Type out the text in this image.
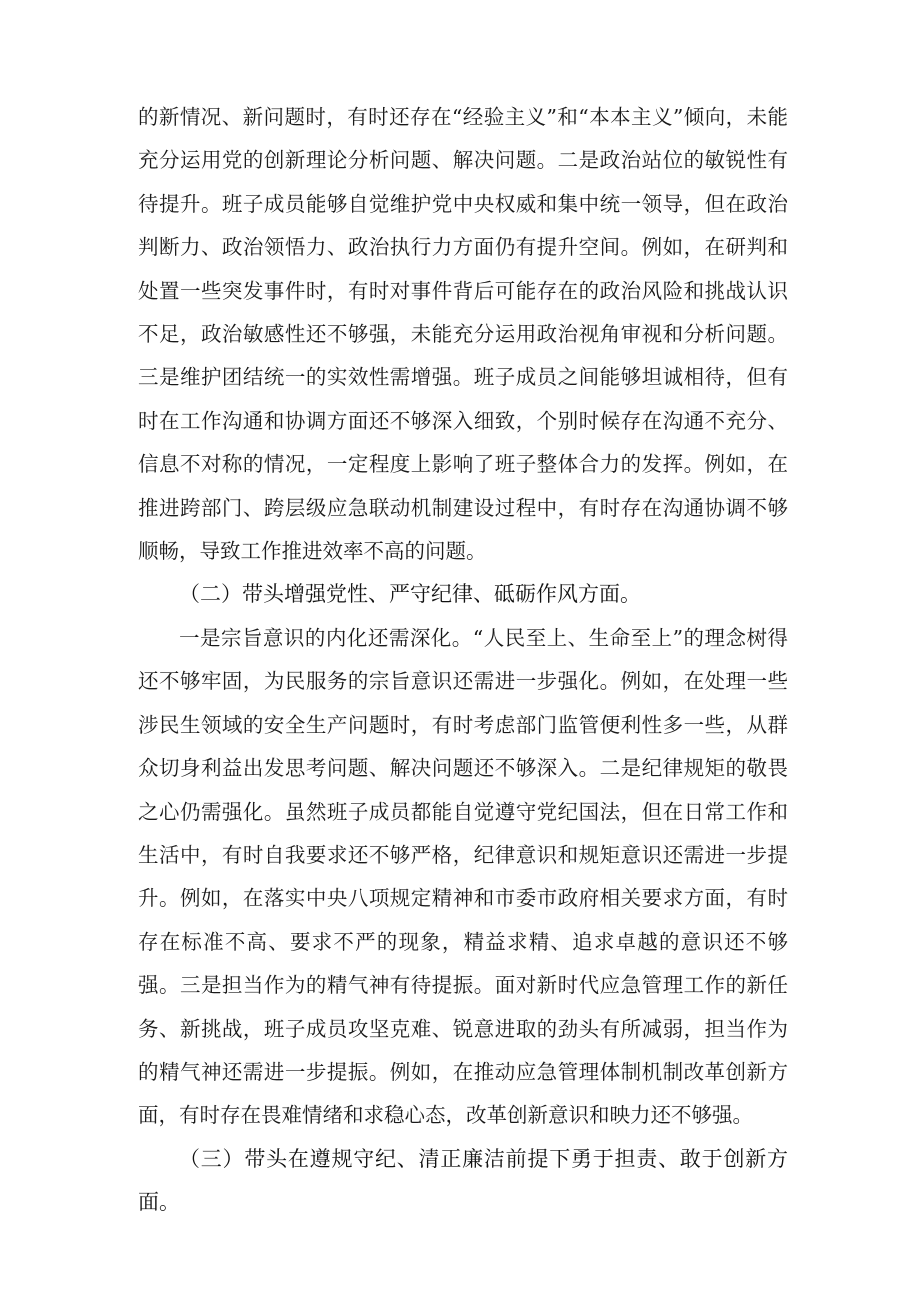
的新情况、新问题时，有时还存在“经验主义”和“本本主义”倾向，未能充分运用党的创新理论分析问题、解决问题。二是政治站位的敏锐性有待提升。班子成员能够自觉维护党中央权威和集中统一领导，但在政治判断力、政治领悟力、政治执行力方面仍有提升空间。例如，在研判和处置一些突发事件时，有时对事件背后可能存在的政治风险和挑战认识不足，政治敏感性还不够强，未能充分运用政治视角审视和分析问题。三是维护团结统一的实效性需增强。班子成员之间能够坦诚相待，但有时在工作沟通和协调方面还不够深入细致，个别时候存在沟通不充分、信息不对称的情况，一定程度上影响了班子整体合力的发挥。例如，在推进跨部门、跨层级应急联动机制建设过程中，有时存在沟通协调不够顺畅，导致工作推进效率不高的问题。

（二）带头增强党性、严守纪律、砥砺作风方面。

一是宗旨意识的内化还需深化。“人民至上、生命至上”的理念树得还不够牢固，为民服务的宗旨意识还需进一步强化。例如，在处理一些涉民生领域的安全生产问题时，有时考虑部门监管便利性多一些，从群众切身利益出发思考问题、解决问题还不够深入。二是纪律规矩的敬畏之心仍需强化。虽然班子成员都能自觉遵守党纪国法，但在日常工作和生活中，有时自我要求还不够严格，纪律意识和规矩意识还需进一步提升。例如，在落实中央八项规定精神和市委市政府相关要求方面，有时存在标准不高、要求不严的现象，精益求精、追求卓越的意识还不够强。三是担当作为的精气神有待提振。面对新时代应急管理工作的新任务、新挑战，班子成员攻坚克难、锐意进取的劲头有所减弱，担当作为的精气神还需进一步提振。例如，在推动应急管理体制机制改革创新方面，有时存在畏难情绪和求稳心态，改革创新意识和映力还不够强。

（三）带头在遵规守纪、清正廉洁前提下勇于担责、敢于创新方面。
